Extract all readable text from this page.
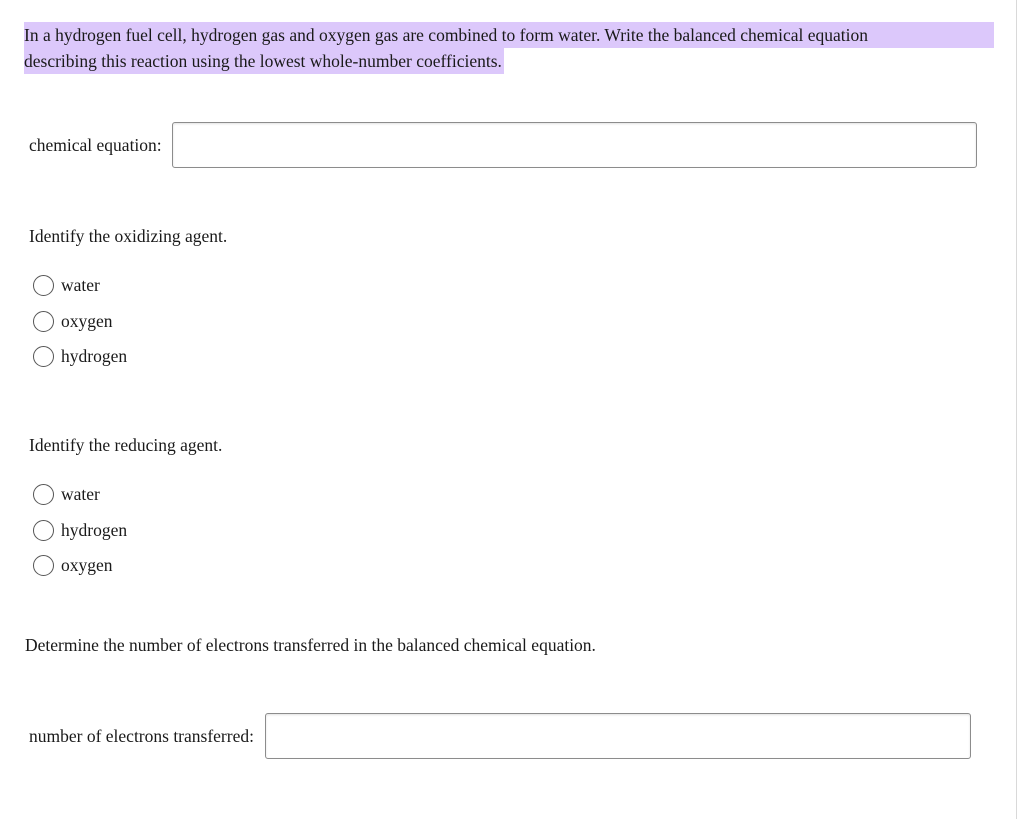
In a hydrogen fuel cell, hydrogen gas and oxygen gas are combined to form water. Write the balanced chemical equation
describing this reaction using the lowest whole-number coefficients.
chemical equation:
Identify the oxidizing agent.
water
oxygen
hydrogen
Identify the reducing agent.
water
hydrogen
oxygen
Determine the number of electrons transferred in the balanced chemical equation.
number of electrons transferred:
